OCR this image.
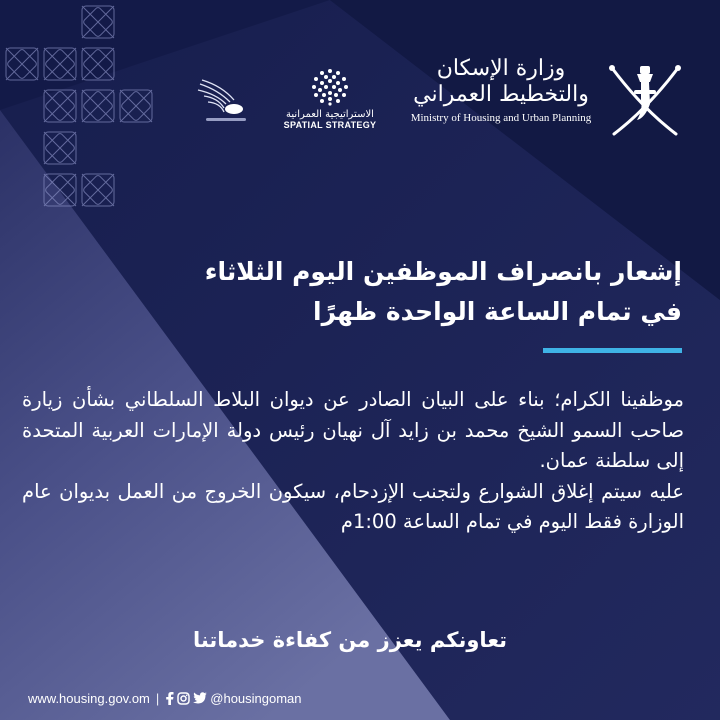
وزارة الإسكان
والتخطيط العمراني
Ministry of Housing and Urban Planning
الاستراتيجية العمرانية
SPATIAL STRATEGY
إشعار بانصراف الموظفين اليوم الثلاثاء
في تمام الساعة الواحدة ظهرًا

موظفينا الكرام؛ بناء على البيان الصادر عن ديوان البلاط السلطاني بشأن زيارة صاحب السمو الشيخ محمد بن زايد آل نهيان رئيس دولة الإمارات العربية المتحدة إلى سلطنة عمان.

عليه سيتم إغلاق الشوارع ولتجنب الإزدحام، سيكون الخروج من العمل بديوان عام الوزارة فقط اليوم في تمام الساعة 1:00م

تعاونكم يعزز من كفاءة خدماتنا
www.housing.gov.om |	@housingoman
